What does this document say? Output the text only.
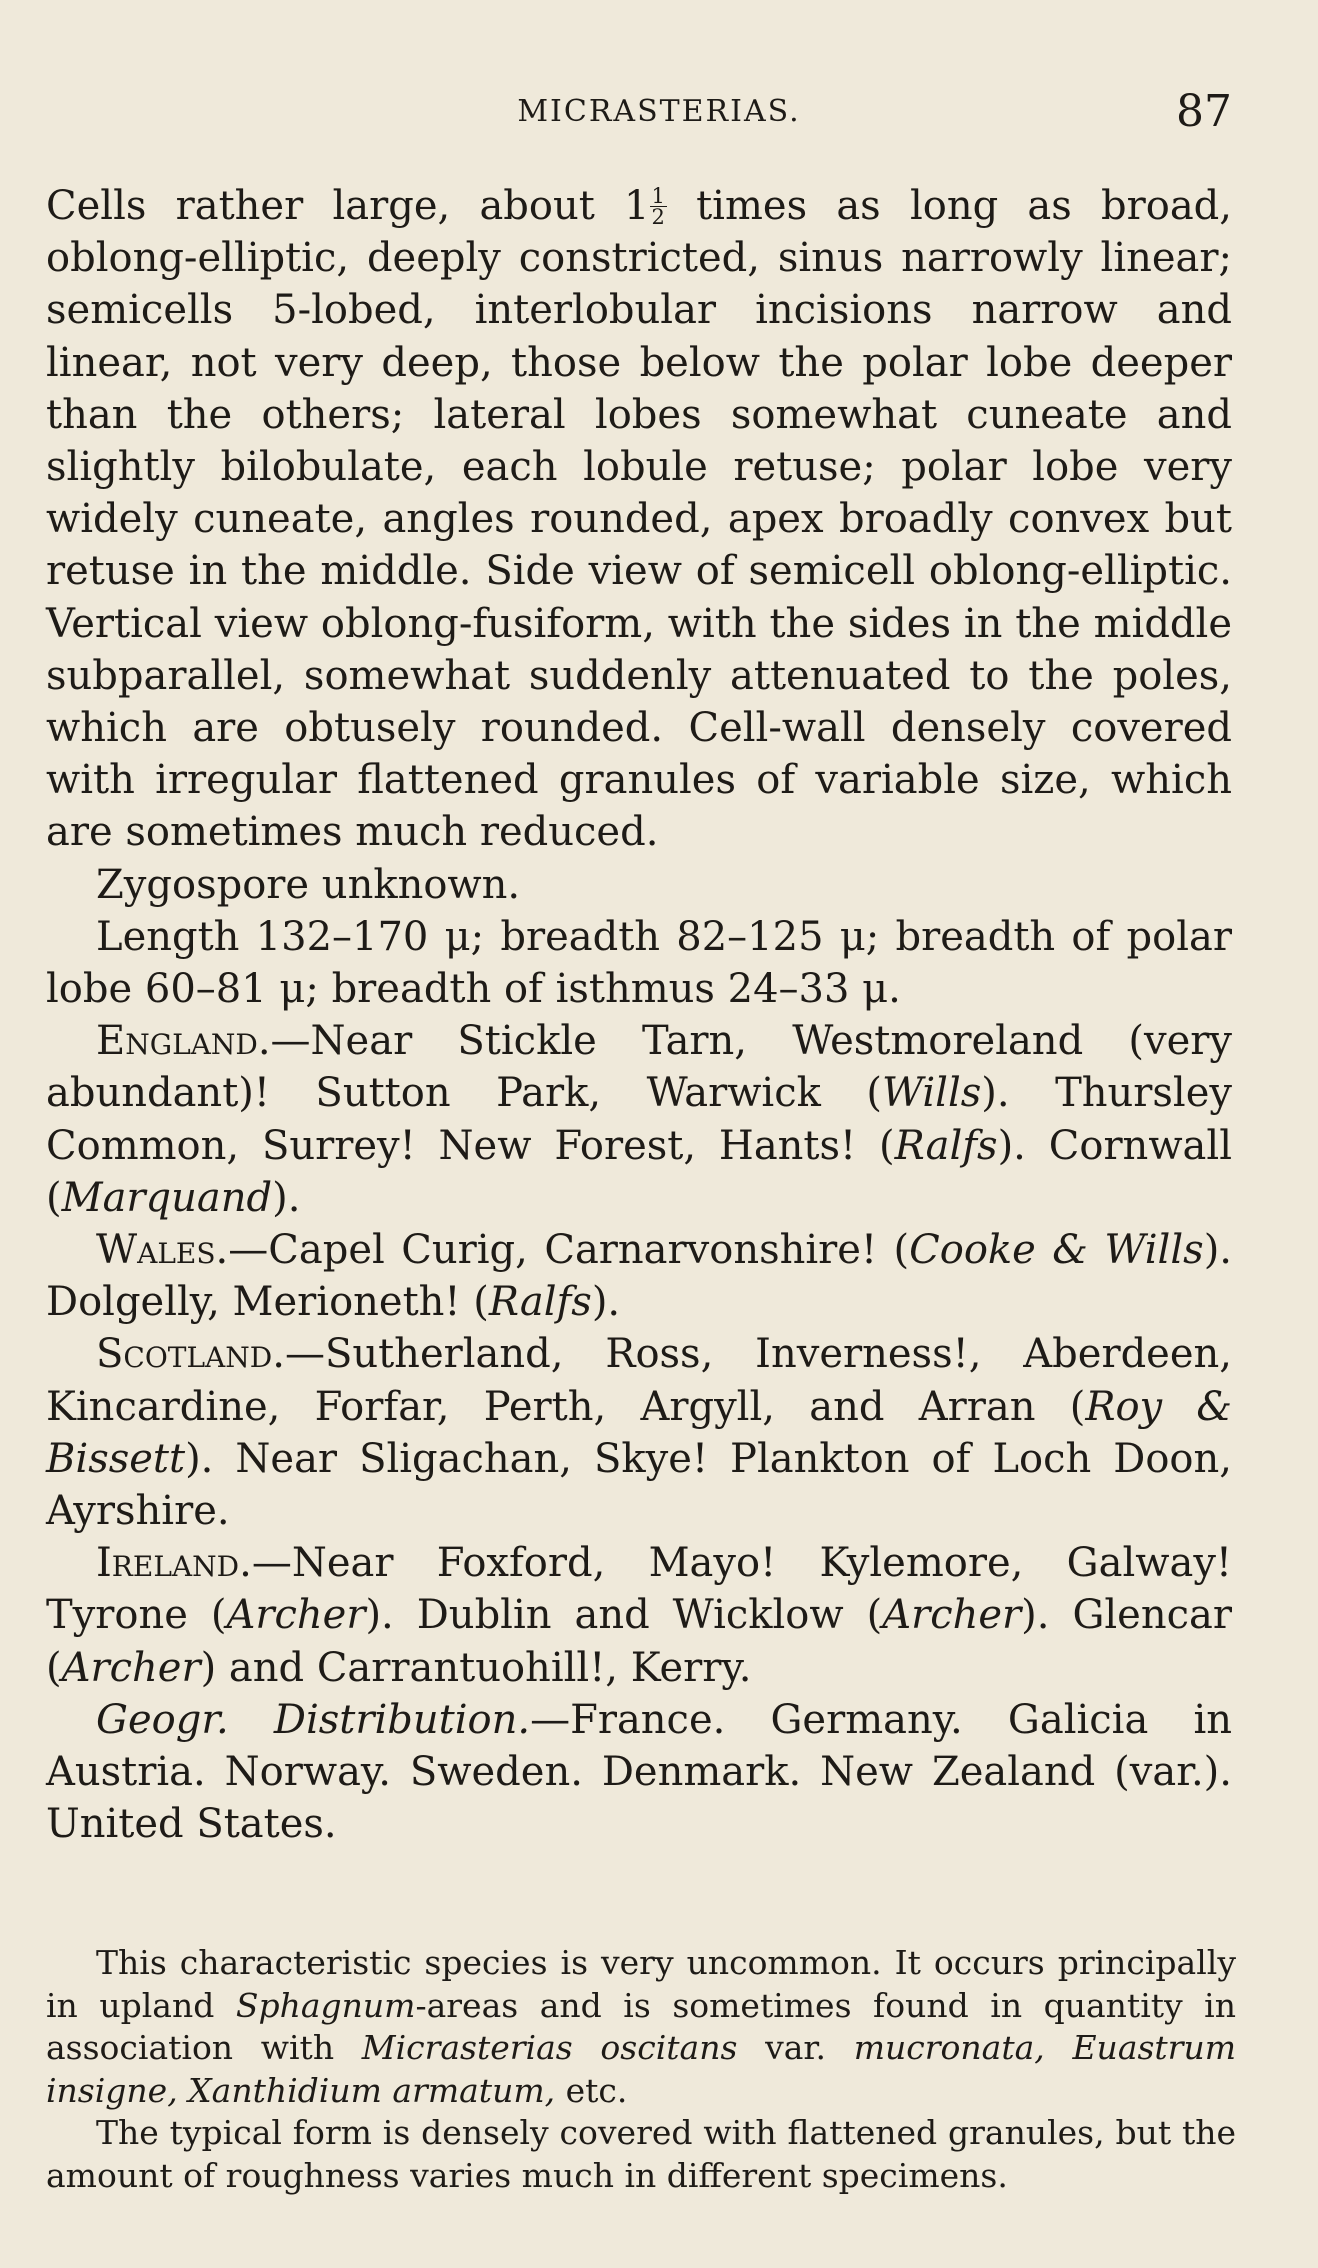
MICRASTERIAS.	87

Cells rather large, about $1 \frac{1}{2}$ times as long as broad, oblong-elliptic, deeply constricted, sinus narrowly linear; semicells 5-lobed, interlobular incisions narrow and linear, not very deep, those below the polar lobe deeper than the others; lateral lobes somewhat cuneate and slightly bilobulate, each lobule retuse; polar lobe very widely cuneate, angles rounded, apex broadly convex but retuse in the middle. Side view of semicell oblong-elliptic. Vertical view oblong-fusiform, with the sides in the middle subparallel, somewhat suddenly attenuated to the poles, which are obtusely rounded. Cell-wall densely covered with irregular flattened granules of variable size, which are sometimes much reduced.

Zygospore unknown.

Length 132–170 μ; breadth 82–125 μ; breadth of polar lobe 60–81 μ; breadth of isthmus 24–33 μ.

England.—Near Stickle Tarn, Westmoreland (very abundant)! Sutton Park, Warwick (Wills). Thursley Common, Surrey! New Forest, Hants! (Ralfs). Cornwall (Marquand).

Wales.—Capel Curig, Carnarvonshire! (Cooke & Wills). Dolgelly, Merioneth! (Ralfs).

Scotland.—Sutherland, Ross, Inverness!, Aberdeen, Kincardine, Forfar, Perth, Argyll, and Arran (Roy & Bissett). Near Sligachan, Skye! Plankton of Loch Doon, Ayrshire.

Ireland.—Near Foxford, Mayo! Kylemore, Galway! Tyrone (Archer). Dublin and Wicklow (Archer). Glencar (Archer) and Carrantuohill!, Kerry.

Geogr. Distribution.—France. Germany. Galicia in Austria. Norway. Sweden. Denmark. New Zealand (var.). United States.

This characteristic species is very uncommon. It occurs principally in upland Sphagnum-areas and is sometimes found in quantity in association with Micrasterias oscitans var. mucronata, Euastrum insigne, Xanthidium armatum, etc.

The typical form is densely covered with flattened granules, but the amount of roughness varies much in different specimens.
